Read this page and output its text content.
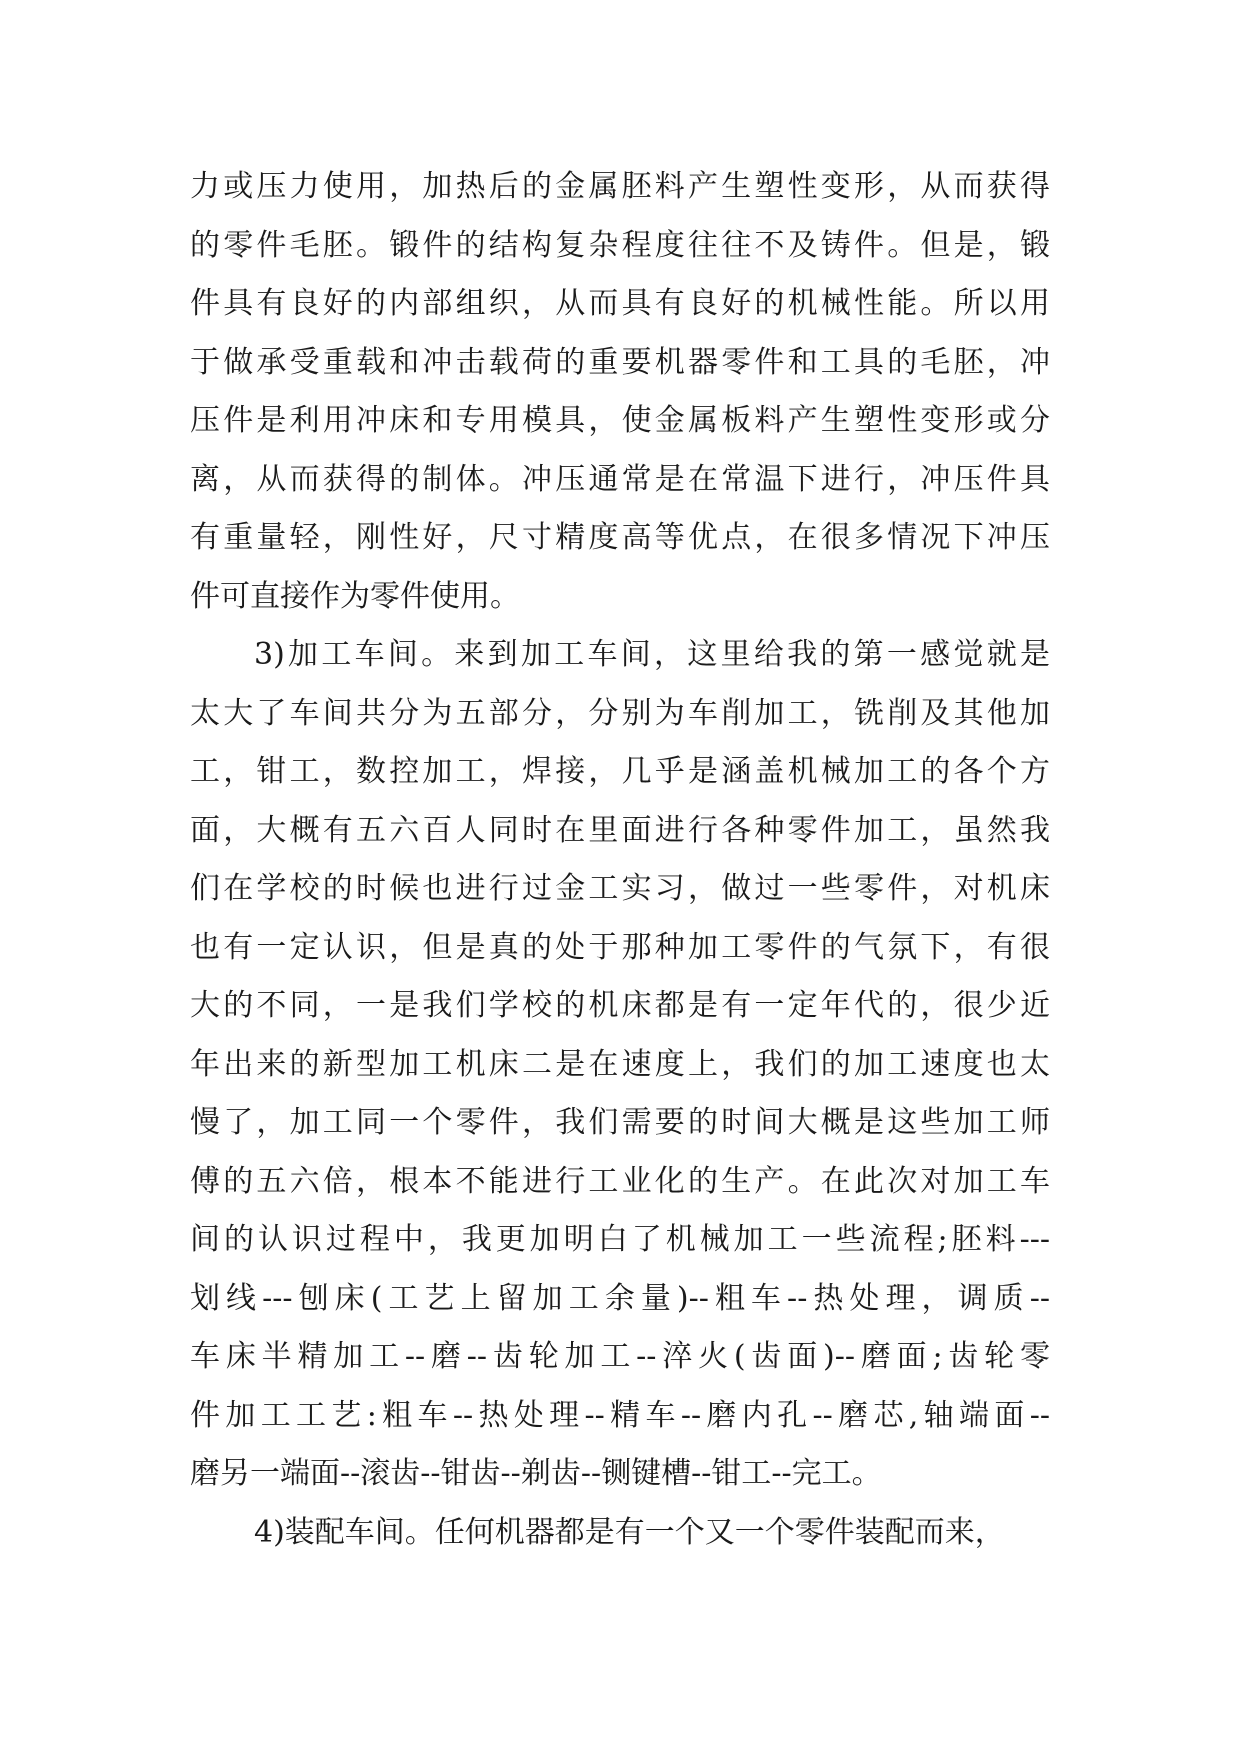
力或压力使用，加热后的金属胚料产生塑性变形，从而获得
的零件毛胚。锻件的结构复杂程度往往不及铸件。但是，锻
件具有良好的内部组织，从而具有良好的机械性能。所以用
于做承受重载和冲击载荷的重要机器零件和工具的毛胚，冲
压件是利用冲床和专用模具，使金属板料产生塑性变形或分
离，从而获得的制体。冲压通常是在常温下进行，冲压件具
有重量轻，刚性好，尺寸精度高等优点，在很多情况下冲压
件可直接作为零件使用。
3)加工车间。来到加工车间，这里给我的第一感觉就是
太大了车间共分为五部分，分别为车削加工，铣削及其他加
工，钳工，数控加工，焊接，几乎是涵盖机械加工的各个方
面，大概有五六百人同时在里面进行各种零件加工，虽然我
们在学校的时候也进行过金工实习，做过一些零件，对机床
也有一定认识，但是真的处于那种加工零件的气氛下，有很
大的不同，一是我们学校的机床都是有一定年代的，很少近
年出来的新型加工机床二是在速度上，我们的加工速度也太
慢了，加工同一个零件，我们需要的时间大概是这些加工师
傅的五六倍，根本不能进行工业化的生产。在此次对加工车
间的认识过程中，我更加明白了机械加工一些流程;胚料---
划线---刨床(工艺上留加工余量)--粗车--热处理，调质--
车床半精加工--磨--齿轮加工--淬火(齿面)--磨面;齿轮零
件加工工艺:粗车--热处理--精车--磨内孔--磨芯,轴端面--
磨另一端面--滚齿--钳齿--剃齿--铡键槽--钳工--完工。
4)装配车间。任何机器都是有一个又一个零件装配而来，
